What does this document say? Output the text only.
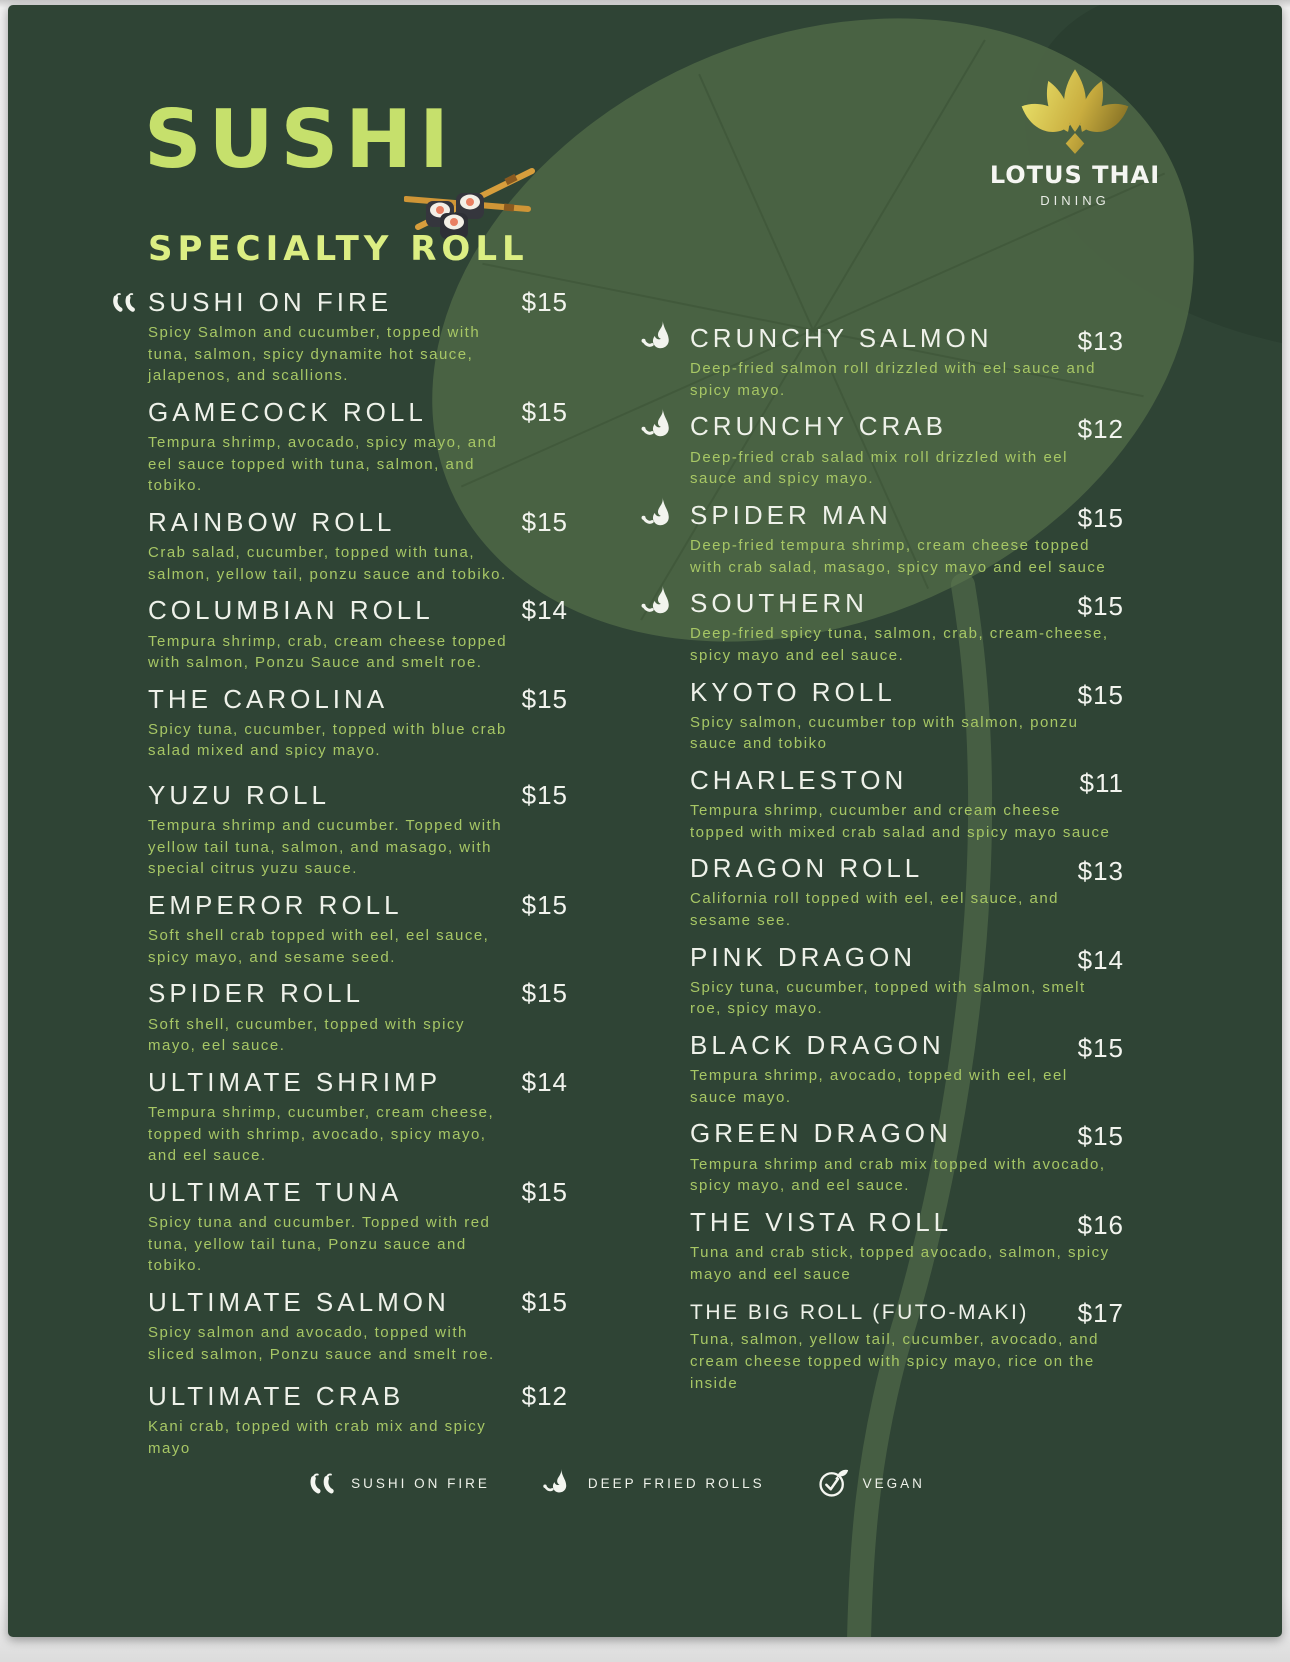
SUSHI
SPECIALTY ROLL
LOTUS THAI
DINING
SUSHI ON FIRE	$15
Spicy Salmon and cucumber, topped with tuna, salmon, spicy dynamite hot sauce, jalapenos, and scallions.
GAMECOCK ROLL	$15
Tempura shrimp, avocado, spicy mayo, and eel sauce topped with tuna, salmon, and tobiko.
RAINBOW ROLL	$15
Crab salad, cucumber, topped with tuna, salmon, yellow tail, ponzu sauce and tobiko.
COLUMBIAN ROLL	$14
Tempura shrimp, crab, cream cheese topped with salmon, Ponzu Sauce and smelt roe.
THE CAROLINA	$15
Spicy tuna, cucumber, topped with blue crab salad mixed and spicy mayo.
YUZU ROLL	$15
Tempura shrimp and cucumber. Topped with yellow tail tuna, salmon, and masago, with special citrus yuzu sauce.
EMPEROR ROLL	$15
Soft shell crab topped with eel, eel sauce, spicy mayo, and sesame seed.
SPIDER ROLL	$15
Soft shell, cucumber, topped with spicy mayo, eel sauce.
ULTIMATE SHRIMP	$14
Tempura shrimp, cucumber, cream cheese, topped with shrimp, avocado, spicy mayo, and eel sauce.
ULTIMATE TUNA	$15
Spicy tuna and cucumber. Topped with red tuna, yellow tail tuna, Ponzu sauce and tobiko.
ULTIMATE SALMON	$15
Spicy salmon and avocado, topped with sliced salmon, Ponzu sauce and smelt roe.
ULTIMATE CRAB	$12
Kani crab, topped with crab mix and spicy mayo
CRUNCHY SALMON	$13
Deep-fried salmon roll drizzled with eel sauce and spicy mayo.
CRUNCHY CRAB	$12
Deep-fried crab salad mix roll drizzled with eel sauce and spicy mayo.
SPIDER MAN	$15
Deep-fried tempura shrimp, cream cheese topped with crab salad, masago, spicy mayo and eel sauce
SOUTHERN	$15
Deep-fried spicy tuna, salmon, crab, cream-cheese, spicy mayo and eel sauce.
KYOTO ROLL	$15
Spicy salmon, cucumber top with salmon, ponzu sauce and tobiko
CHARLESTON	$11
Tempura shrimp, cucumber and cream cheese topped with mixed crab salad and spicy mayo sauce
DRAGON ROLL	$13
California roll topped with eel, eel sauce, and sesame see.
PINK DRAGON	$14
Spicy tuna, cucumber, topped with salmon, smelt roe, spicy mayo.
BLACK DRAGON	$15
Tempura shrimp, avocado, topped with eel, eel sauce mayo.
GREEN DRAGON	$15
Tempura shrimp and crab mix topped with avocado, spicy mayo, and eel sauce.
THE VISTA ROLL	$16
Tuna and crab stick, topped avocado, salmon, spicy mayo and eel sauce
THE BIG ROLL (FUTO-MAKI) $17
Tuna, salmon, yellow tail, cucumber, avocado, and cream cheese topped with spicy mayo, rice on the inside
SUSHI ON FIRE	DEEP FRIED ROLLS	VEGAN
